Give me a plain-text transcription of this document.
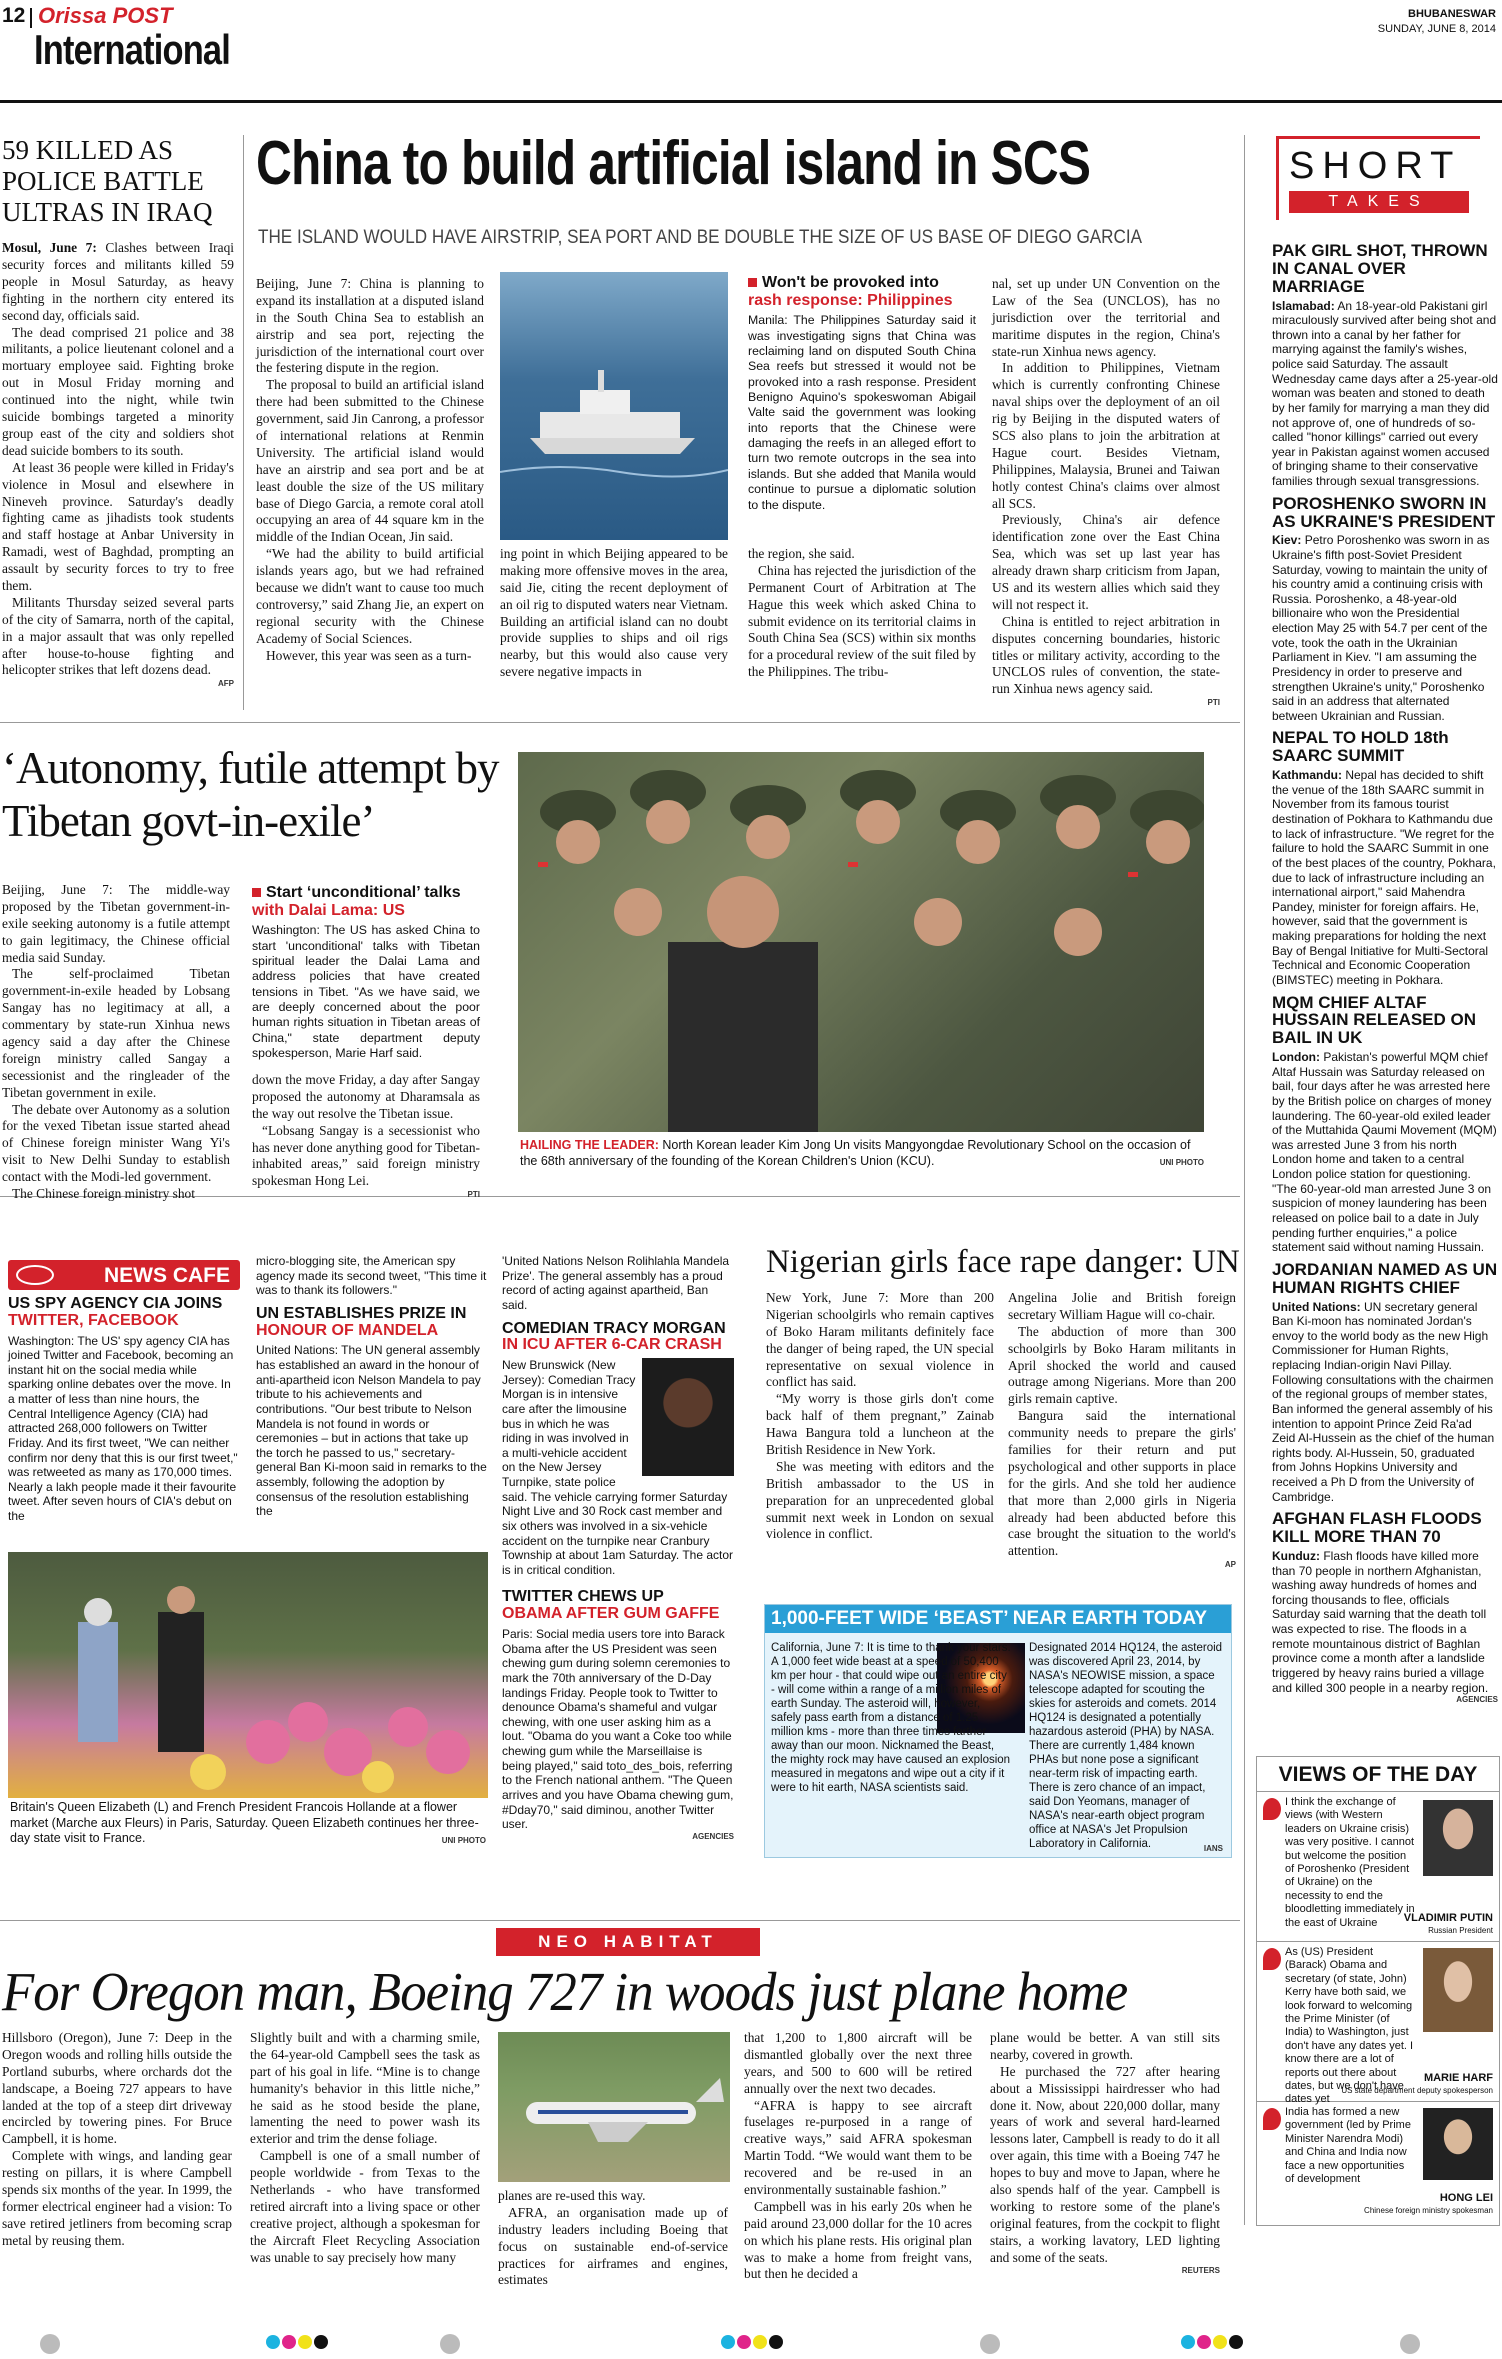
12 Orissa POST
International
BHUBANESWAR
SUNDAY, JUNE 8, 2014
59 KILLED AS POLICE BATTLE ULTRAS IN IRAQ

Mosul, June 7: Clashes between Iraqi security forces and militants killed 59 people in Mosul Saturday, as heavy fighting in the northern city entered its second day, officials said.

The dead comprised 21 police and 38 militants, a police lieutenant colonel and a mortuary employee said. Fighting broke out in Mosul Friday morning and continued into the night, while twin suicide bombings targeted a minority group east of the city and soldiers shot dead suicide bombers to its south.

At least 36 people were killed in Friday's violence in Mosul and elsewhere in Nineveh province. Saturday's deadly fighting came as jihadists took students and staff hostage at Anbar University in Ramadi, west of Baghdad, prompting an assault by security forces to try to free them.

Militants Thursday seized several parts of the city of Samarra, north of the capital, in a major assault that was only repelled after house-to-house fighting and helicopter strikes that left dozens dead.

AFP
China to build artificial island in SCS
THE ISLAND WOULD HAVE AIRSTRIP, SEA PORT AND BE DOUBLE THE SIZE OF US BASE OF DIEGO GARCIA

Beijing, June 7: China is planning to expand its installation at a disputed island in the South China Sea to establish an airstrip and sea port, rejecting the jurisdiction of the international court over the festering dispute in the region.

The proposal to build an artificial island there had been submitted to the Chinese government, said Jin Canrong, a professor of international relations at Renmin University. The artificial island would have an airstrip and sea port and be at least double the size of the US military base of Diego Garcia, a remote coral atoll occupying an area of 44 square km in the middle of the Indian Ocean, Jin said.

“We had the ability to build artificial islands years ago, but we had refrained because we didn't want to cause too much controversy,” said Zhang Jie, an expert on regional security with the Chinese Academy of Social Sciences.

However, this year was seen as a turn-

ing point in which Beijing appeared to be making more offensive moves in the area, said Jie, citing the recent deployment of an oil rig to disputed waters near Vietnam. Building an artificial island can no doubt provide supplies to ships and oil rigs nearby, but this would also cause very severe negative impacts in

Won't be provoked into
rash response: Philippines
Manila: The Philippines Saturday said it was investigating signs that China was reclaiming land on disputed South China Sea reefs but stressed it would not be provoked into a rash response. President Benigno Aquino's spokeswoman Abigail Valte said the government was looking into reports that the Chinese were damaging the reefs in an alleged effort to turn two remote outcrops in the sea into islands. But she added that Manila would continue to pursue a diplomatic solution to the dispute.

the region, she said.

China has rejected the jurisdiction of the Permanent Court of Arbitration at The Hague this week which asked China to submit evidence on its territorial claims in South China Sea (SCS) within six months for a procedural review of the suit filed by the Philippines. The tribu-

nal, set up under UN Convention on the Law of the Sea (UNCLOS), has no jurisdiction over the territorial and maritime disputes in the region, China's state-run Xinhua news agency.

In addition to Philippines, Vietnam which is currently confronting Chinese naval ships over the deployment of an oil rig by Beijing in the disputed waters of SCS also plans to join the arbitration at Hague court. Besides Vietnam, Philippines, Malaysia, Brunei and Taiwan hotly contest China's claims over almost all SCS.

Previously, China's air defence identification zone over the East China Sea, which was set up last year has already drawn sharp criticism from Japan, US and its western allies which said they will not respect it.

China is entitled to reject arbitration in disputes concerning boundaries, historic titles or military activity, according to the UNCLOS rules of convention, the state-run Xinhua news agency said.

PTI
‘Autonomy, futile attempt by Tibetan govt-in-exile’

Beijing, June 7: The middle-way proposed by the Tibetan government-in-exile seeking autonomy is a futile attempt to gain legitimacy, the Chinese official media said Sunday.

The self-proclaimed Tibetan government-in-exile headed by Lobsang Sangay has no legitimacy at all, a commentary by state-run Xinhua news agency said a day after the Chinese foreign ministry called Sangay a secessionist and the ringleader of the Tibetan government in exile.

The debate over Autonomy as a solution for the vexed Tibetan issue started ahead of Chinese foreign minister Wang Yi's visit to New Delhi Sunday to establish contact with the Modi-led government.

The Chinese foreign ministry shot

Start ‘unconditional’ talks
with Dalai Lama: US
Washington: The US has asked China to start 'unconditional' talks with Tibetan spiritual leader the Dalai Lama and address policies that have created tensions in Tibet. "As we have said, we are deeply concerned about the poor human rights situation in Tibetan areas of China," state department deputy spokesperson, Marie Harf said.

down the move Friday, a day after Sangay proposed the autonomy at Dharamsala as the way out resolve the Tibetan issue.

“Lobsang Sangay is a secessionist who has never done anything good for Tibetan-inhabited areas,” said foreign ministry spokesman Hong Lei.

PTI
HAILING THE LEADER: North Korean leader Kim Jong Un visits Mangyongdae Revolutionary School on the occasion of the 68th anniversary of the founding of the Korean Children's Union (KCU).	UNI PHOTO
NEWS CAFE
US SPY AGENCY CIA JOINS
TWITTER, FACEBOOK

Washington: The US' spy agency CIA has joined Twitter and Facebook, becoming an instant hit on the social media while sparking online debates over the move. In a matter of less than nine hours, the Central Intelligence Agency (CIA) had attracted 268,000 followers on Twitter Friday. And its first tweet, "We can neither confirm nor deny that this is our first tweet," was retweeted as many as 170,000 times. Nearly a lakh people made it their favourite tweet. After seven hours of CIA's debut on the

micro-blogging site, the American spy agency made its second tweet, "This time it was to thank its followers."

UN ESTABLISHES PRIZE IN
HONOUR OF MANDELA

United Nations: The UN general assembly has established an award in the honour of anti-apartheid icon Nelson Mandela to pay tribute to his achievements and contributions. "Our best tribute to Nelson Mandela is not found in words or ceremonies – but in actions that take up the torch he passed to us," secretary-general Ban Ki-moon said in remarks to the assembly, following the adoption by consensus of the resolution establishing the

'United Nations Nelson Rolihlahla Mandela Prize'. The general assembly has a proud record of acting against apartheid, Ban said.

COMEDIAN TRACY MORGAN
IN ICU AFTER 6-CAR CRASH

New Brunswick (New Jersey): Comedian Tracy Morgan is in intensive care after the limousine bus in which he was riding in was involved in a multi-vehicle accident on the New Jersey Turnpike, state police said. The vehicle carrying former Saturday Night Live and 30 Rock cast member and six others was involved in a six-vehicle accident on the turnpike near Cranbury Township at about 1am Saturday. The actor is in critical condition.

TWITTER CHEWS UP
OBAMA AFTER GUM GAFFE

Paris: Social media users tore into Barack Obama after the US President was seen chewing gum during solemn ceremonies to mark the 70th anniversary of the D-Day landings Friday. People took to Twitter to denounce Obama's shameful and vulgar chewing, with one user asking him as a lout. "Obama do you want a Coke too while chewing gum while the Marseillaise is being played," said toto_des_bois, referring to the French national anthem. "The Queen arrives and you have Obama chewing gum, #Dday70," said diminou, another Twitter user.

AGENCIES
Britain's Queen Elizabeth (L) and French President Francois Hollande at a flower market (Marche aux Fleurs) in Paris, Saturday. Queen Elizabeth continues her three-day state visit to France.	UNI PHOTO
Nigerian girls face rape danger: UN

New York, June 7: More than 200 Nigerian schoolgirls who remain captives of Boko Haram militants definitely face the danger of being raped, the UN special representative on sexual violence in conflict has said.

“My worry is those girls don't come back half of them pregnant,” Zainab Hawa Bangura told a luncheon at the British Residence in New York.

She was meeting with editors and the British ambassador to the US in preparation for an unprecedented global summit next week in London on sexual violence in conflict.

Angelina Jolie and British foreign secretary William Hague will co-chair.

The abduction of more than 300 schoolgirls by Boko Haram militants in April shocked the world and caused outrage among Nigerians. More than 200 girls remain captive.

Bangura said the international community needs to prepare the girls' families for their return and put psychological and other supports in place for the girls. And she told her audience that more than 2,000 girls in Nigeria already had been abducted before this case brought the situation to the world's attention.

AP
1,000-FEET WIDE ‘BEAST’ NEAR EARTH TODAY
California, June 7: It is time to thank your stars. A 1,000 feet wide beast at a speed of 50,400 km per hour - that could wipe out an entire city - will come within a range of a million miles of earth Sunday. The asteroid will, however, safely pass earth from a distance of 1.25 million kms - more than three times farther away than our moon. Nicknamed the Beast, the mighty rock may have caused an explosion measured in megatons and wipe out a city if it were to hit earth, NASA scientists said.
Designated 2014 HQ124, the asteroid was discovered April 23, 2014, by NASA's NEOWISE mission, a space telescope adapted for scouting the skies for asteroids and comets. 2014 HQ124 is designated a potentially hazardous asteroid (PHA) by NASA. There are currently 1,484 known PHAs but none pose a significant near-term risk of impacting earth. There is zero chance of an impact, said Don Yeomans, manager of NASA's near-earth object program office at NASA's Jet Propulsion Laboratory in California.	IANS
NEO HABITAT
For Oregon man, Boeing 727 in woods just plane home

Hillsboro (Oregon), June 7: Deep in the Oregon woods and rolling hills outside the Portland suburbs, where orchards dot the landscape, a Boeing 727 appears to have landed at the top of a steep dirt driveway encircled by towering pines. For Bruce Campbell, it is home.

Complete with wings, and landing gear resting on pillars, it is where Campbell spends six months of the year. In 1999, the former electrical engineer had a vision: To save retired jetliners from becoming scrap metal by reusing them.

Slightly built and with a charming smile, the 64-year-old Campbell sees the task as part of his goal in life. “Mine is to change humanity's behavior in this little niche,” he said as he stood beside the plane, lamenting the need to power wash its exterior and trim the dense foliage.

Campbell is one of a small number of people worldwide - from Texas to the Netherlands - who have transformed retired aircraft into a living space or other creative project, although a spokesman for the Aircraft Fleet Recycling Association was unable to say precisely how many

planes are re-used this way.

AFRA, an organisation made up of industry leaders including Boeing that focus on sustainable end-of-service practices for airframes and engines, estimates

that 1,200 to 1,800 aircraft will be dismantled globally over the next three years, and 500 to 600 will be retired annually over the next two decades.

“AFRA is happy to see aircraft fuselages re-purposed in a range of creative ways,” said AFRA spokesman Martin Todd. “We would want them to be recovered and be re-used in an environmentally sustainable fashion.”

Campbell was in his early 20s when he paid around 23,000 dollar for the 10 acres on which his plane rests. His original plan was to make a home from freight vans, but then he decided a

plane would be better. A van still sits nearby, covered in growth.

He purchased the 727 after hearing about a Mississippi hairdresser who had done it. Now, about 220,000 dollar, many years of work and several hard-learned lessons later, Campbell is ready to do it all over again, this time with a Boeing 747 he hopes to buy and move to Japan, where he also spends half of the year. Campbell is working to restore some of the plane's original features, from the cockpit to flight stairs, a working lavatory, LED lighting and some of the seats.

REUTERS
SHORT
TAKES
PAK GIRL SHOT, THROWN IN CANAL OVER MARRIAGE

Islamabad: An 18-year-old Pakistani girl miraculously survived after being shot and thrown into a canal by her father for marrying against the family's wishes, police said Saturday. The assault Wednesday came days after a 25-year-old woman was beaten and stoned to death by her family for marrying a man they did not approve of, one of hundreds of so-called "honor killings" carried out every year in Pakistan against women accused of bringing shame to their conservative families through sexual transgressions.

POROSHENKO SWORN IN AS UKRAINE'S PRESIDENT

Kiev: Petro Poroshenko was sworn in as Ukraine's fifth post-Soviet President Saturday, vowing to maintain the unity of his country amid a continuing crisis with Russia. Poroshenko, a 48-year-old billionaire who won the Presidential election May 25 with 54.7 per cent of the vote, took the oath in the Ukrainian Parliament in Kiev. "I am assuming the Presidency in order to preserve and strengthen Ukraine's unity," Poroshenko said in an address that alternated between Ukrainian and Russian.

NEPAL TO HOLD 18th SAARC SUMMIT

Kathmandu: Nepal has decided to shift the venue of the 18th SAARC summit in November from its famous tourist destination of Pokhara to Kathmandu due to lack of infrastructure. "We regret for the failure to hold the SAARC Summit in one of the best places of the country, Pokhara, due to lack of infrastructure including an international airport," said Mahendra Pandey, minister for foreign affairs. He, however, said that the government is making preparations for holding the next Bay of Bengal Initiative for Multi-Sectoral Technical and Economic Cooperation (BIMSTEC) meeting in Pokhara.

MQM CHIEF ALTAF HUSSAIN RELEASED ON BAIL IN UK

London: Pakistan's powerful MQM chief Altaf Hussain was Saturday released on bail, four days after he was arrested here by the British police on charges of money laundering. The 60-year-old exiled leader of the Muttahida Qaumi Movement (MQM) was arrested June 3 from his north London home and taken to a central London police station for questioning. "The 60-year-old man arrested June 3 on suspicion of money laundering has been released on police bail to a date in July pending further enquiries," a police statement said without naming Hussain.

JORDANIAN NAMED AS UN HUMAN RIGHTS CHIEF

United Nations: UN secretary general Ban Ki-moon has nominated Jordan's envoy to the world body as the new High Commissioner for Human Rights, replacing Indian-origin Navi Pillay. Following consultations with the chairmen of the regional groups of member states, Ban informed the general assembly of his intention to appoint Prince Zeid Ra'ad Zeid Al-Hussein as the chief of the human rights body. Al-Hussein, 50, graduated from Johns Hopkins University and received a Ph D from the University of Cambridge.

AFGHAN FLASH FLOODS KILL MORE THAN 70

Kunduz: Flash floods have killed more than 70 people in northern Afghanistan, washing away hundreds of homes and forcing thousands to flee, officials Saturday said warning that the death toll was expected to rise. The floods in a remote mountainous district of Baghlan province come a month after a landslide triggered by heavy rains buried a village and killed 300 people in a nearby region.

AGENCIES
VIEWS OF THE DAY
I think the exchange of views (with Western leaders on Ukraine crisis) was very positive. I cannot but welcome the position of Poroshenko (President of Ukraine) on the necessity to end the bloodletting immediately in the east of Ukraine	VLADIMIR PUTIN
Russian President
As (US) President (Barack) Obama and secretary (of state, John) Kerry have both said, we look forward to welcoming the Prime Minister (of India) to Washington, just don't have any dates yet. I know there are a lot of reports out there about dates, but we don't have dates yet
MARIE HARF
US state department deputy spokesperson
India has formed a new government (led by Prime Minister Narendra Modi) and China and India now face a new opportunities of development
HONG LEI
Chinese foreign ministry spokesman
